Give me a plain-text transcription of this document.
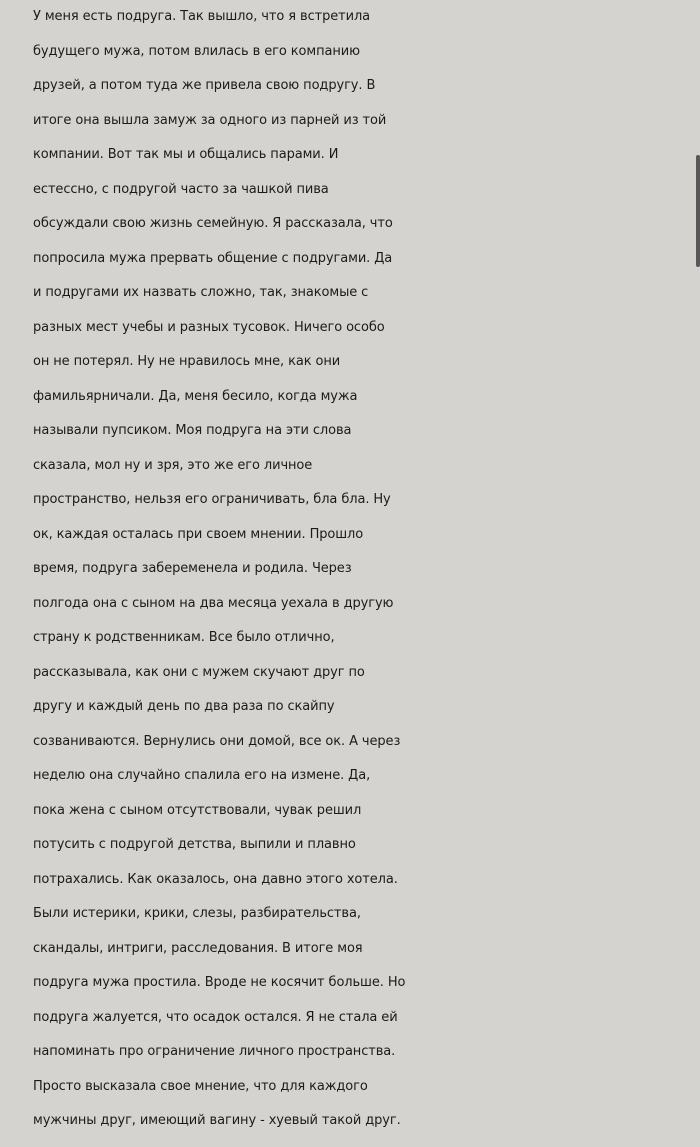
У меня есть подруга. Так вышло, что я встретила
будущего мужа, потом влилась в его компанию
друзей, а потом туда же привела свою подругу. В
итоге она вышла замуж за одного из парней из той
компании. Вот так мы и общались парами. И
естессно, с подругой часто за чашкой пива
обсуждали свою жизнь семейную. Я рассказала, что
попросила мужа прервать общение с подругами. Да
и подругами их назвать сложно, так, знакомые с
разных мест учебы и разных тусовок. Ничего особо
он не потерял. Ну не нравилось мне, как они
фамильярничали. Да, меня бесило, когда мужа
называли пупсиком. Моя подруга на эти слова
сказала, мол ну и зря, это же его личное
пространство, нельзя его ограничивать, бла бла. Ну
ок, каждая осталась при своем мнении. Прошло
время, подруга забеременела и родила. Через
полгода она с сыном на два месяца уехала в другую
страну к родственникам. Все было отлично,
рассказывала, как они с мужем скучают друг по
другу и каждый день по два раза по скайпу
созваниваются. Вернулись они домой, все ок. А через
неделю она случайно спалила его на измене. Да,
пока жена с сыном отсутствовали, чувак решил
потусить с подругой детства, выпили и плавно
потрахались. Как оказалось, она давно этого хотела.
Были истерики, крики, слезы, разбирательства,
скандалы, интриги, расследования. В итоге моя
подруга мужа простила. Вроде не косячит больше. Но
подруга жалуется, что осадок остался. Я не стала ей
напоминать про ограничение личного пространства.
Просто высказала свое мнение, что для каждого
мужчины друг, имеющий вагину - хуевый такой друг.
